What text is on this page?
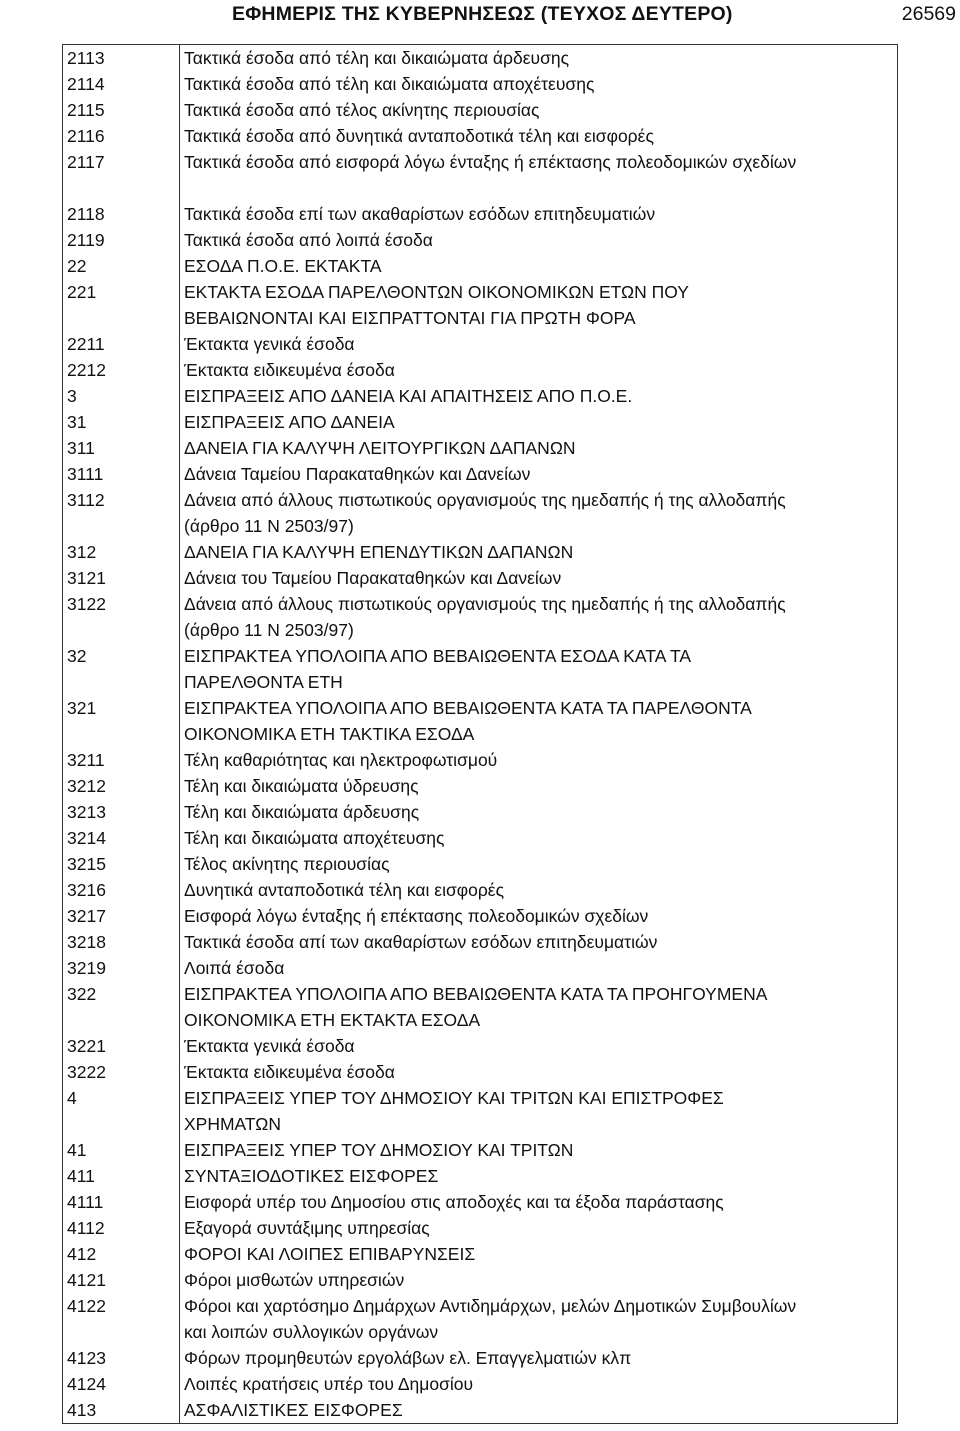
ΕΦΗΜΕΡΙΣ ΤΗΣ ΚΥΒΕΡΝΗΣΕΩΣ (ΤΕΥΧΟΣ ΔΕΥΤΕΡΟ)	26569
2113	Τακτικά έσοδα από τέλη και δικαιώματα άρδευσης
2114	Τακτικά έσοδα από τέλη και δικαιώματα αποχέτευσης
2115	Τακτικά έσοδα από τέλος ακίνητης περιουσίας
2116	Τακτικά έσοδα από δυνητικά ανταποδοτικά τέλη και εισφορές
2117	Τακτικά έσοδα από εισφορά λόγω ένταξης ή επέκτασης πολεοδομικών σχεδίων
2118	Τακτικά έσοδα επί των ακαθαρίστων εσόδων επιτηδευματιών
2119	Τακτικά έσοδα από λοιπά έσοδα
22	ΕΣΟΔΑ Π.Ο.Ε. ΕΚΤΑΚΤΑ
221	ΕΚΤΑΚΤΑ ΕΣΟΔΑ ΠΑΡΕΛΘΟΝΤΩΝ ΟΙΚΟΝΟΜΙΚΩΝ ΕΤΩΝ ΠΟΥ
ΒΕΒΑΙΩΝΟΝΤΑΙ ΚΑΙ ΕΙΣΠΡΑΤΤΟΝΤΑΙ ΓΙΑ ΠΡΩΤΗ ΦΟΡΑ
2211	Έκτακτα γενικά έσοδα
2212	Έκτακτα ειδικευμένα έσοδα
3	ΕΙΣΠΡΑΞΕΙΣ ΑΠΟ ΔΑΝΕΙΑ ΚΑΙ ΑΠΑΙΤΗΣΕΙΣ ΑΠΟ Π.Ο.Ε.
31	ΕΙΣΠΡΑΞΕΙΣ ΑΠΟ ΔΑΝΕΙΑ
311	ΔΑΝΕΙΑ ΓΙΑ ΚΑΛΥΨΗ ΛΕΙΤΟΥΡΓΙΚΩΝ ΔΑΠΑΝΩΝ
3111	Δάνεια Ταμείου Παρακαταθηκών και Δανείων
3112	Δάνεια από άλλους πιστωτικούς οργανισμούς της ημεδαπής ή της αλλοδαπής
(άρθρο 11 Ν 2503/97)
312	ΔΑΝΕΙΑ ΓΙΑ ΚΑΛΥΨΗ ΕΠΕΝΔΥΤΙΚΩΝ ΔΑΠΑΝΩΝ
3121	Δάνεια του Ταμείου Παρακαταθηκών και Δανείων
3122	Δάνεια από άλλους πιστωτικούς οργανισμούς της ημεδαπής ή της αλλοδαπής
(άρθρο 11 Ν 2503/97)
32	ΕΙΣΠΡΑΚΤΕΑ ΥΠΟΛΟΙΠΑ ΑΠΟ ΒΕΒΑΙΩΘΕΝΤΑ ΕΣΟΔΑ ΚΑΤΑ ΤΑ
ΠΑΡΕΛΘΟΝΤΑ ΕΤΗ
321	ΕΙΣΠΡΑΚΤΕΑ ΥΠΟΛΟΙΠΑ ΑΠΟ ΒΕΒΑΙΩΘΕΝΤΑ ΚΑΤΑ ΤΑ ΠΑΡΕΛΘΟΝΤΑ
ΟΙΚΟΝΟΜΙΚΑ ΕΤΗ ΤΑΚΤΙΚΑ ΕΣΟΔΑ
3211	Τέλη καθαριότητας και ηλεκτροφωτισμού
3212	Τέλη και δικαιώματα ύδρευσης
3213	Τέλη και δικαιώματα άρδευσης
3214	Τέλη και δικαιώματα αποχέτευσης
3215	Τέλος ακίνητης περιουσίας
3216	Δυνητικά ανταποδοτικά τέλη και εισφορές
3217	Εισφορά λόγω ένταξης ή επέκτασης πολεοδομικών σχεδίων
3218	Τακτικά έσοδα απί των ακαθαρίστων εσόδων επιτηδευματιών
3219	Λοιπά έσοδα
322	ΕΙΣΠΡΑΚΤΕΑ ΥΠΟΛΟΙΠΑ ΑΠΟ ΒΕΒΑΙΩΘΕΝΤΑ ΚΑΤΑ ΤΑ ΠΡΟΗΓΟΥΜΕΝΑ
ΟΙΚΟΝΟΜΙΚΑ ΕΤΗ ΕΚΤΑΚΤΑ ΕΣΟΔΑ
3221	Έκτακτα γενικά έσοδα
3222	Έκτακτα ειδικευμένα έσοδα
4	ΕΙΣΠΡΑΞΕΙΣ ΥΠΕΡ ΤΟΥ ΔΗΜΟΣΙΟΥ ΚΑΙ ΤΡΙΤΩΝ ΚΑΙ ΕΠΙΣΤΡΟΦΕΣ
ΧΡΗΜΑΤΩΝ
41	ΕΙΣΠΡΑΞΕΙΣ ΥΠΕΡ ΤΟΥ ΔΗΜΟΣΙΟΥ ΚΑΙ ΤΡΙΤΩΝ
411	ΣΥΝΤΑΞΙΟΔΟΤΙΚΕΣ ΕΙΣΦΟΡΕΣ
4111	Εισφορά υπέρ του Δημοσίου στις αποδοχές και τα έξοδα παράστασης
4112	Εξαγορά συντάξιμης υπηρεσίας
412	ΦΟΡΟΙ ΚΑΙ ΛΟΙΠΕΣ ΕΠΙΒΑΡΥΝΣΕΙΣ
4121	Φόροι μισθωτών υπηρεσιών
4122	Φόροι και χαρτόσημο Δημάρχων Αντιδημάρχων, μελών Δημοτικών Συμβουλίων
και λοιπών συλλογικών οργάνων
4123	Φόρων προμηθευτών εργολάβων ελ. Επαγγελματιών κλπ
4124	Λοιπές κρατήσεις υπέρ του Δημοσίου
413	ΑΣΦΑΛΙΣΤΙΚΕΣ ΕΙΣΦΟΡΕΣ
